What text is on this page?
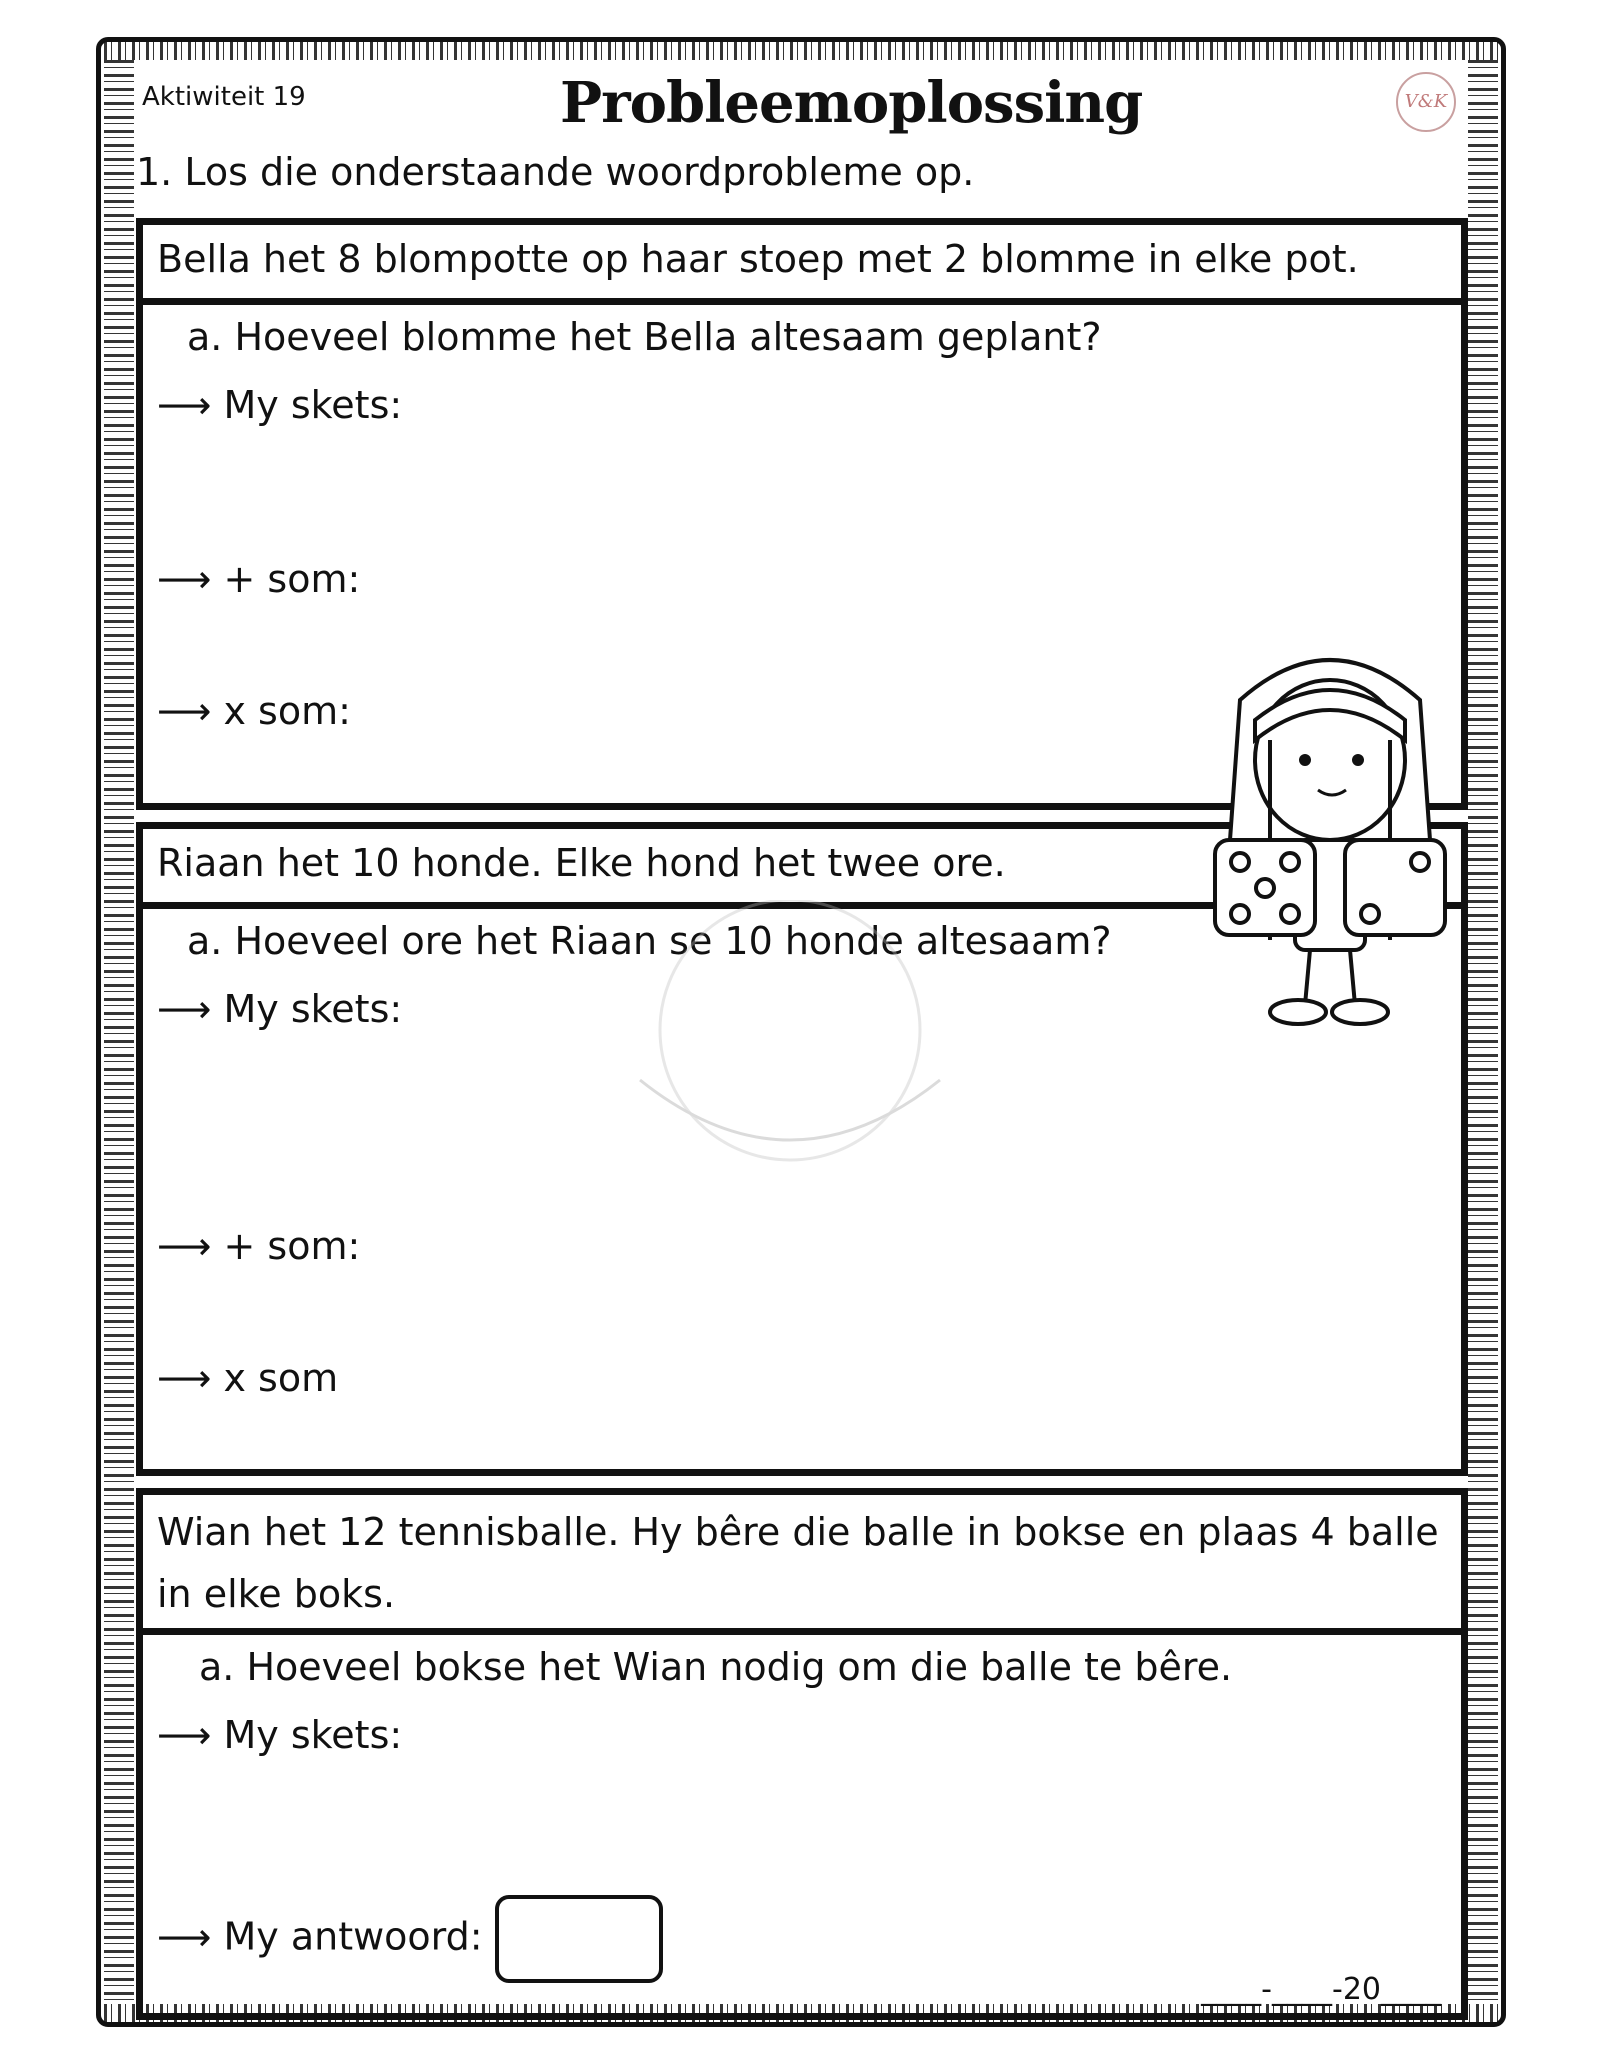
Aktiwiteit 19	Probleemoplossing	V&K
1. Los die onderstaande woordprobleme op.
Bella het 8 blompotte op haar stoep met 2 blomme in elke pot.
a. Hoeveel blomme het Bella altesaam geplant?
⟶ My skets:
⟶ + som:
⟶ x som:
Riaan het 10 honde. Elke hond het twee ore.
a. Hoeveel ore het Riaan se 10 honde altesaam?
⟶ My skets:
⟶ + som:
⟶ x som
Wian het 12 tennisballe. Hy bêre die balle in bokse en plaas 4 balle in elke boks.
a. Hoeveel bokse het Wian nodig om die balle te bêre.
⟶ My skets:
⟶ My antwoord:
____-____-20____
